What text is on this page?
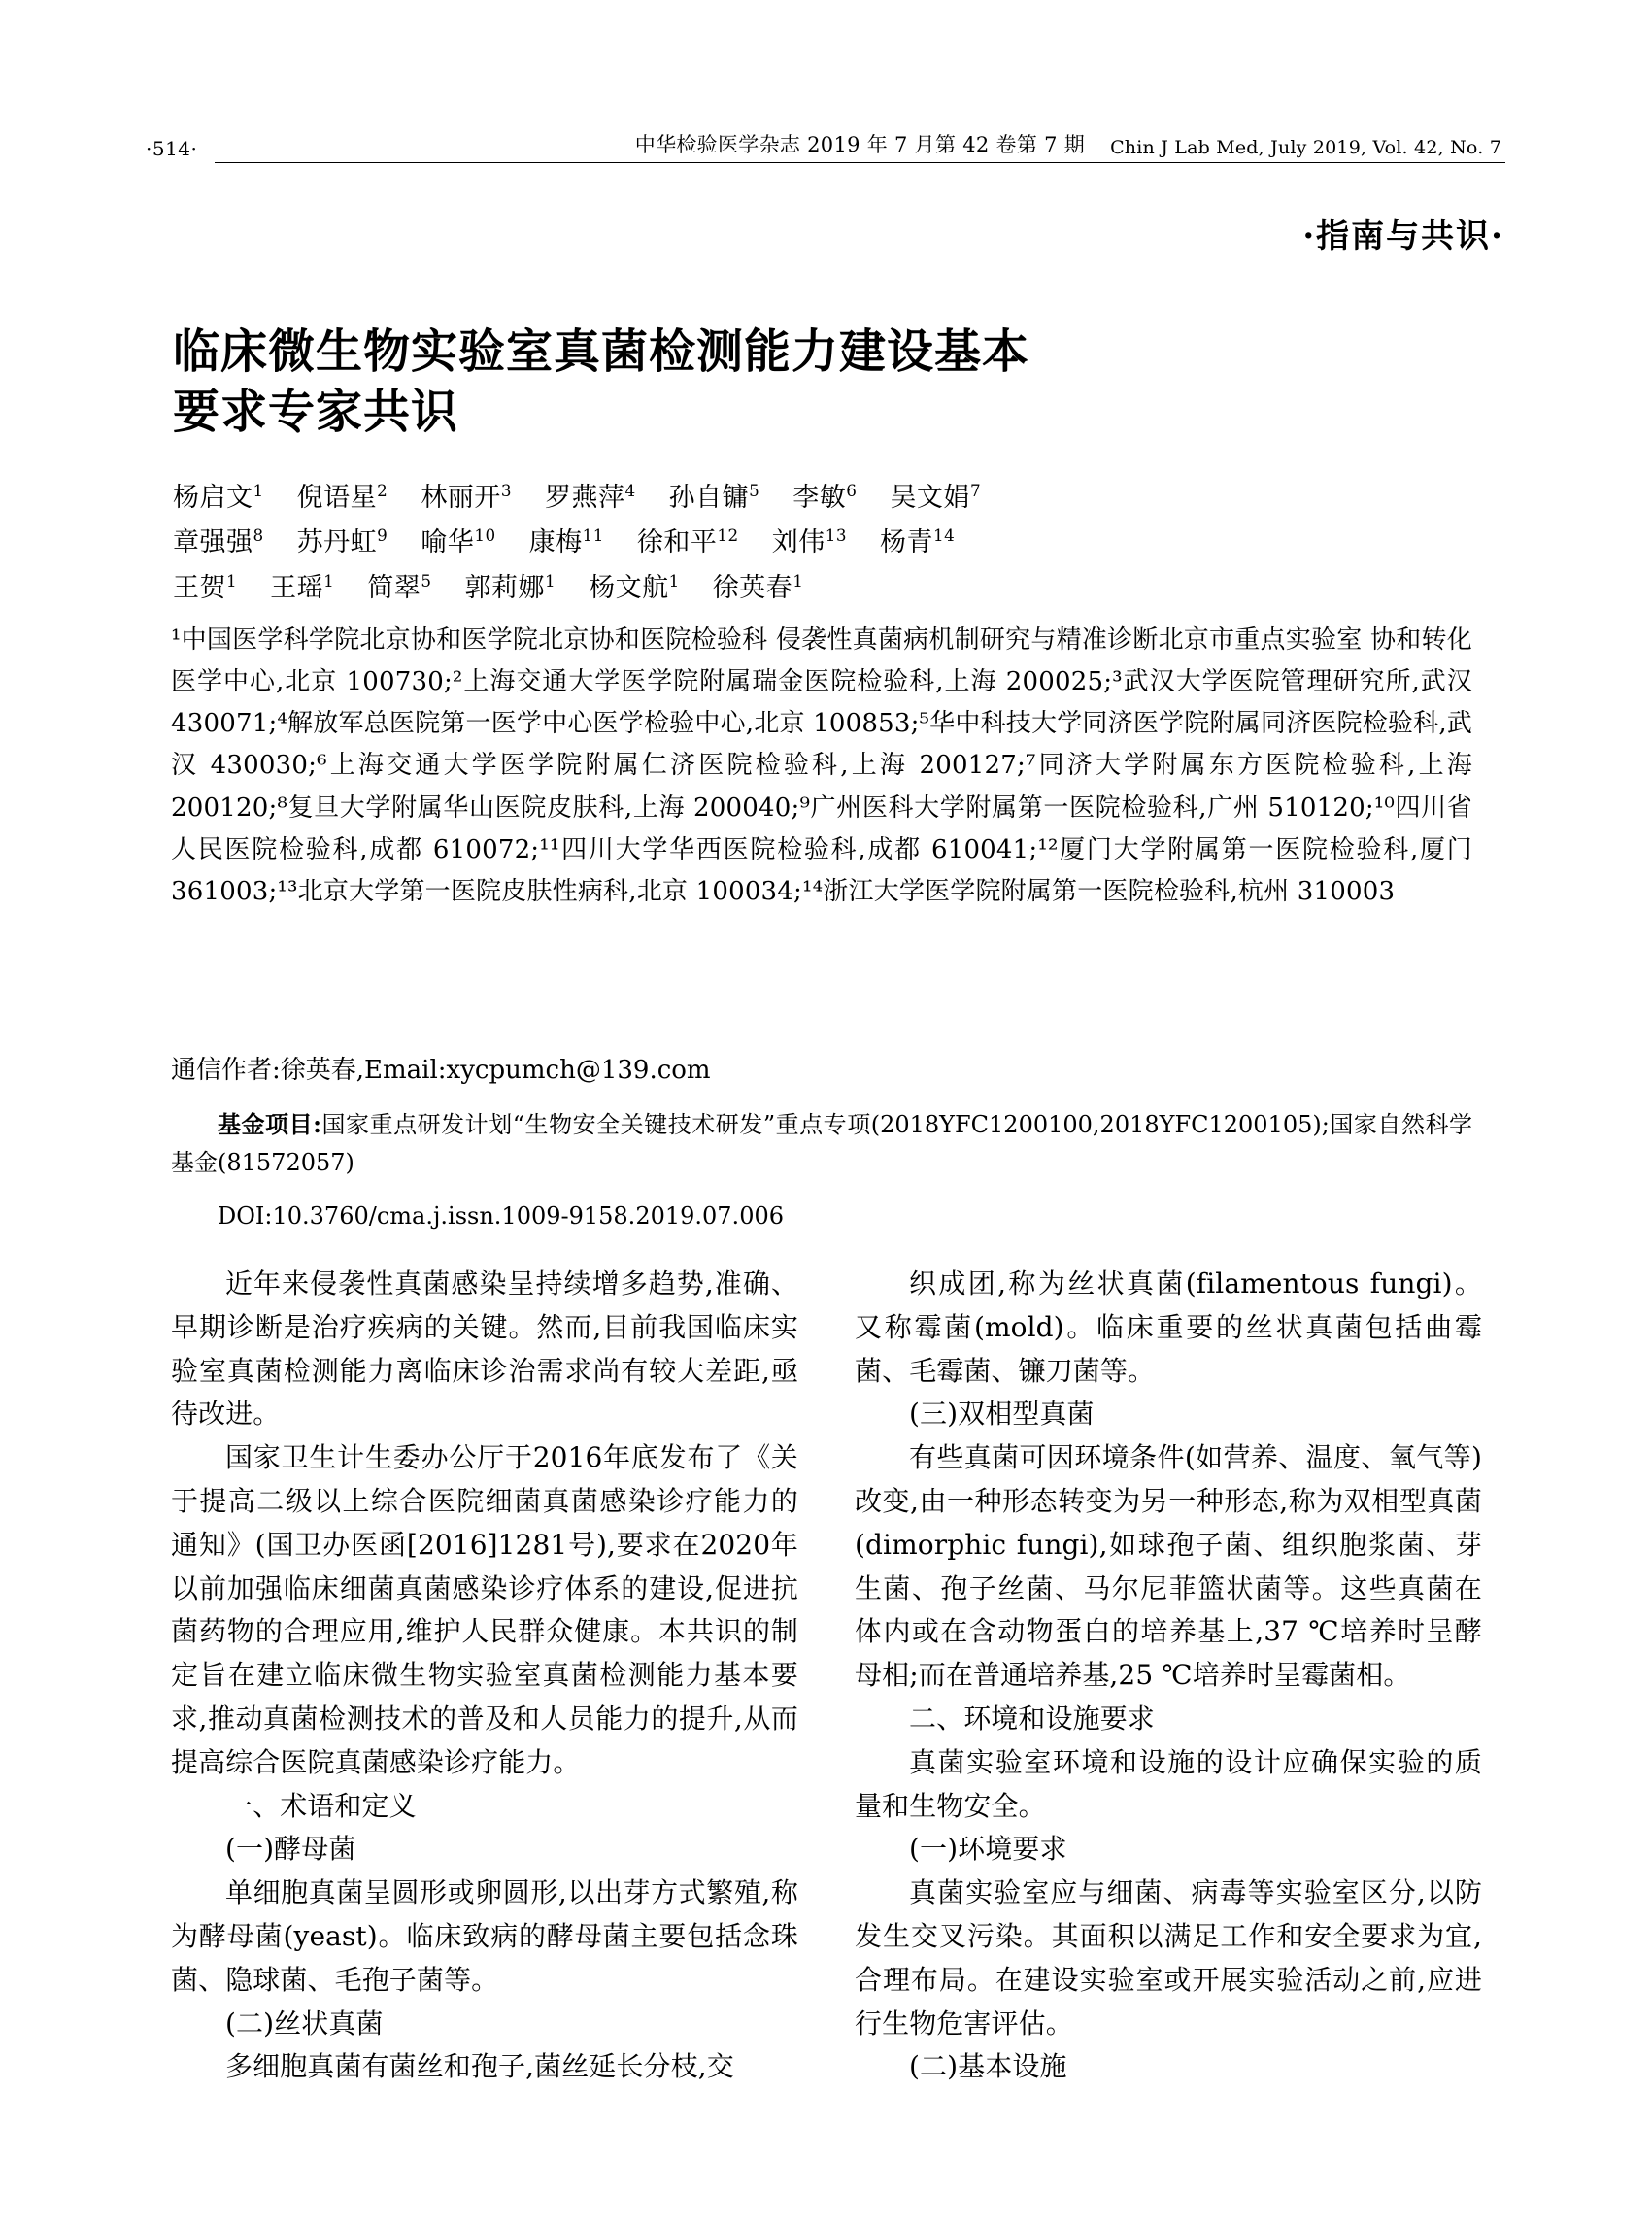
·514·	中华检验医学杂志 2019 年 7 月第 42 卷第 7 期 Chin J Lab Med, July 2019, Vol. 42, No. 7
·指南与共识·
临床微生物实验室真菌检测能力建设基本
要求专家共识
杨启文$^1$ 倪语星$^2$ 林丽开$^3$ 罗燕萍$^4$ 孙自镛$^5$ 李敏$^6$ 吴文娟$^7$
章强强$^8$ 苏丹虹$^9$ 喻华$^{10}$ 康梅$^{11}$ 徐和平$^{12}$ 刘伟$^{13}$ 杨青$^{14}$
王贺$^1$ 王瑶$^1$ 简翠$^5$ 郭莉娜$^1$ 杨文航$^1$ 徐英春$^1$
¹中国医学科学院北京协和医学院北京协和医院检验科 侵袭性真菌病机制研究与精准诊断北京市重点实验室 协和转化医学中心,北京 100730;²上海交通大学医学院附属瑞金医院检验科,上海 200025;³武汉大学医院管理研究所,武汉 430071;⁴解放军总医院第一医学中心医学检验中心,北京 100853;⁵华中科技大学同济医学院附属同济医院检验科,武汉 430030;⁶上海交通大学医学院附属仁济医院检验科,上海 200127;⁷同济大学附属东方医院检验科,上海 200120;⁸复旦大学附属华山医院皮肤科,上海 200040;⁹广州医科大学附属第一医院检验科,广州 510120;¹⁰四川省人民医院检验科,成都 610072;¹¹四川大学华西医院检验科,成都 610041;¹²厦门大学附属第一医院检验科,厦门 361003;¹³北京大学第一医院皮肤性病科,北京 100034;¹⁴浙江大学医学院附属第一医院检验科,杭州 310003
通信作者:徐英春,Email:xycpumch@139.com
基金项目:国家重点研发计划“生物安全关键技术研发”重点专项(2018YFC1200100,2018YFC1200105);国家自然科学基金(81572057)
DOI:10.3760/cma.j.issn.1009-9158.2019.07.006

近年来侵袭性真菌感染呈持续增多趋势,准确、早期诊断是治疗疾病的关键。然而,目前我国临床实验室真菌检测能力离临床诊治需求尚有较大差距,亟待改进。

国家卫生计生委办公厅于2016年底发布了《关于提高二级以上综合医院细菌真菌感染诊疗能力的通知》(国卫办医函[2016]1281号),要求在2020年以前加强临床细菌真菌感染诊疗体系的建设,促进抗菌药物的合理应用,维护人民群众健康。本共识的制定旨在建立临床微生物实验室真菌检测能力基本要求,推动真菌检测技术的普及和人员能力的提升,从而提高综合医院真菌感染诊疗能力。

一、术语和定义

(一)酵母菌

单细胞真菌呈圆形或卵圆形,以出芽方式繁殖,称为酵母菌(yeast)。临床致病的酵母菌主要包括念珠菌、隐球菌、毛孢子菌等。

(二)丝状真菌

多细胞真菌有菌丝和孢子,菌丝延长分枝,交

织成团,称为丝状真菌(filamentous fungi)。又称霉菌(mold)。临床重要的丝状真菌包括曲霉菌、毛霉菌、镰刀菌等。

(三)双相型真菌

有些真菌可因环境条件(如营养、温度、氧气等)改变,由一种形态转变为另一种形态,称为双相型真菌(dimorphic fungi),如球孢子菌、组织胞浆菌、芽生菌、孢子丝菌、马尔尼菲篮状菌等。这些真菌在体内或在含动物蛋白的培养基上,37 ℃培养时呈酵母相;而在普通培养基,25 ℃培养时呈霉菌相。

二、环境和设施要求

真菌实验室环境和设施的设计应确保实验的质量和生物安全。

(一)环境要求

真菌实验室应与细菌、病毒等实验室区分,以防发生交叉污染。其面积以满足工作和安全要求为宜,合理布局。在建设实验室或开展实验活动之前,应进行生物危害评估。

(二)基本设施
